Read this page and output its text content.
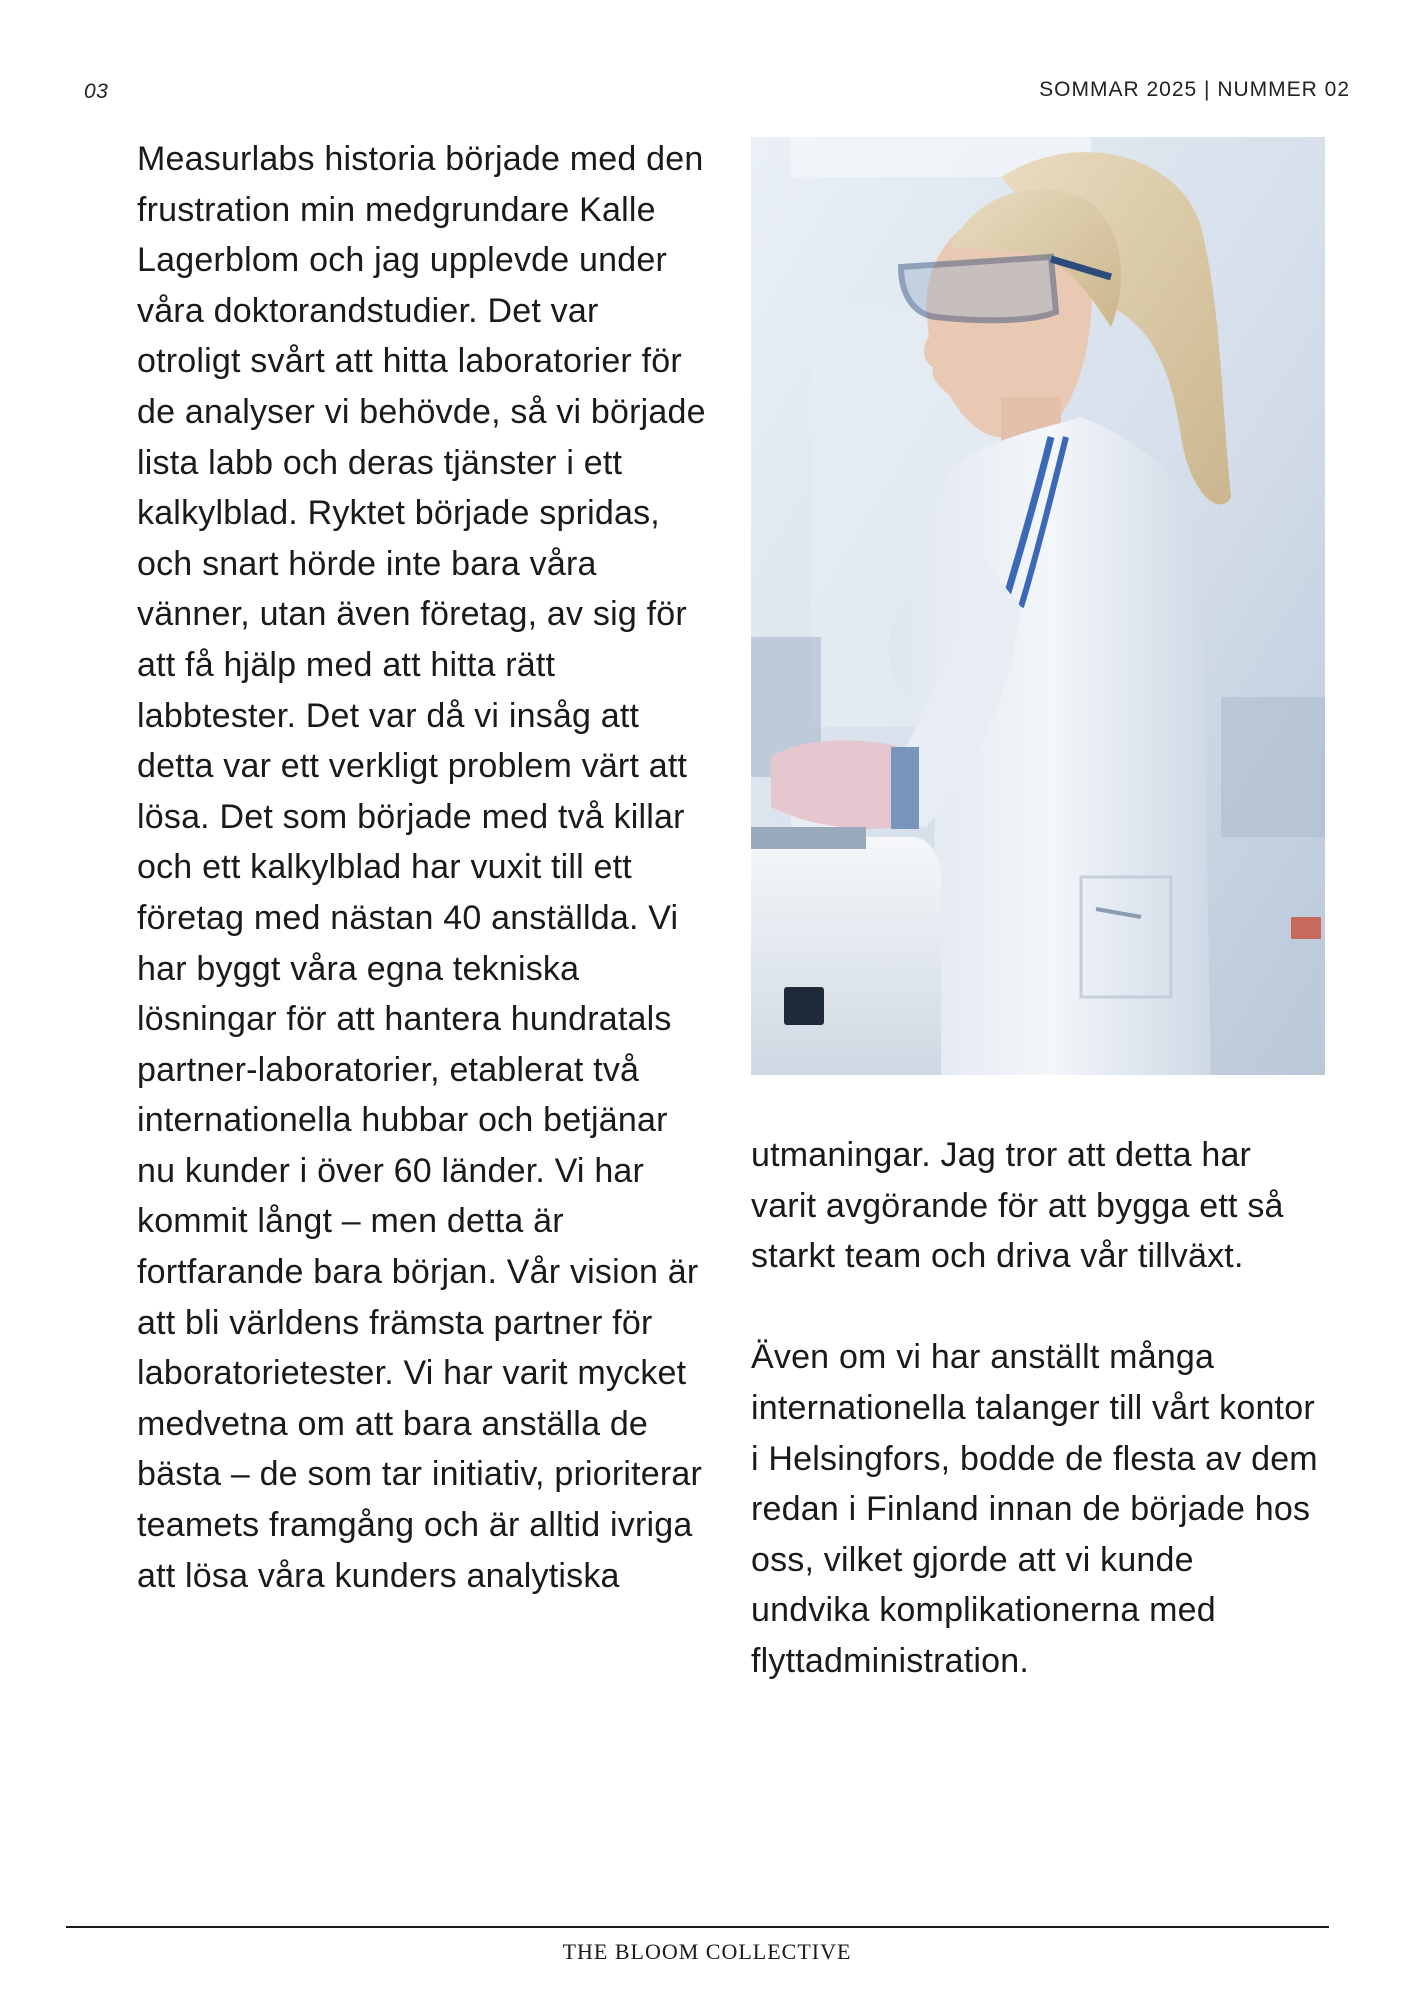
03	SOMMAR 2025 | NUMMER 02

Measurlabs historia började med den frustration min medgrundare Kalle Lagerblom och jag upplevde under våra doktorandstudier. Det var otroligt svårt att hitta laboratorier för de analyser vi behövde, så vi började lista labb och deras tjänster i ett kalkylblad. Ryktet började spridas, och snart hörde inte bara våra vänner, utan även företag, av sig för att få hjälp med att hitta rätt labbtester. Det var då vi insåg att detta var ett verkligt problem värt att lösa. Det som började med två killar och ett kalkylblad har vuxit till ett företag med nästan 40 anställda. Vi har byggt våra egna tekniska lösningar för att hantera hundratals partner-laboratorier, etablerat två internationella hubbar och betjänar nu kunder i över 60 länder. Vi har kommit långt – men detta är fortfarande bara början. Vår vision är att bli världens främsta partner för laboratorietester. Vi har varit mycket medvetna om att bara anställa de bästa – de som tar initiativ, prioriterar teamets framgång och är alltid ivriga att lösa våra kunders analytiska

utmaningar. Jag tror att detta har varit avgörande för att bygga ett så starkt team och driva vår tillväxt.

Även om vi har anställt många internationella talanger till vårt kontor i Helsingfors, bodde de flesta av dem redan i Finland innan de började hos oss, vilket gjorde att vi kunde undvika komplikationerna med flyttadministration.

THE BLOOM COLLECTIVE
